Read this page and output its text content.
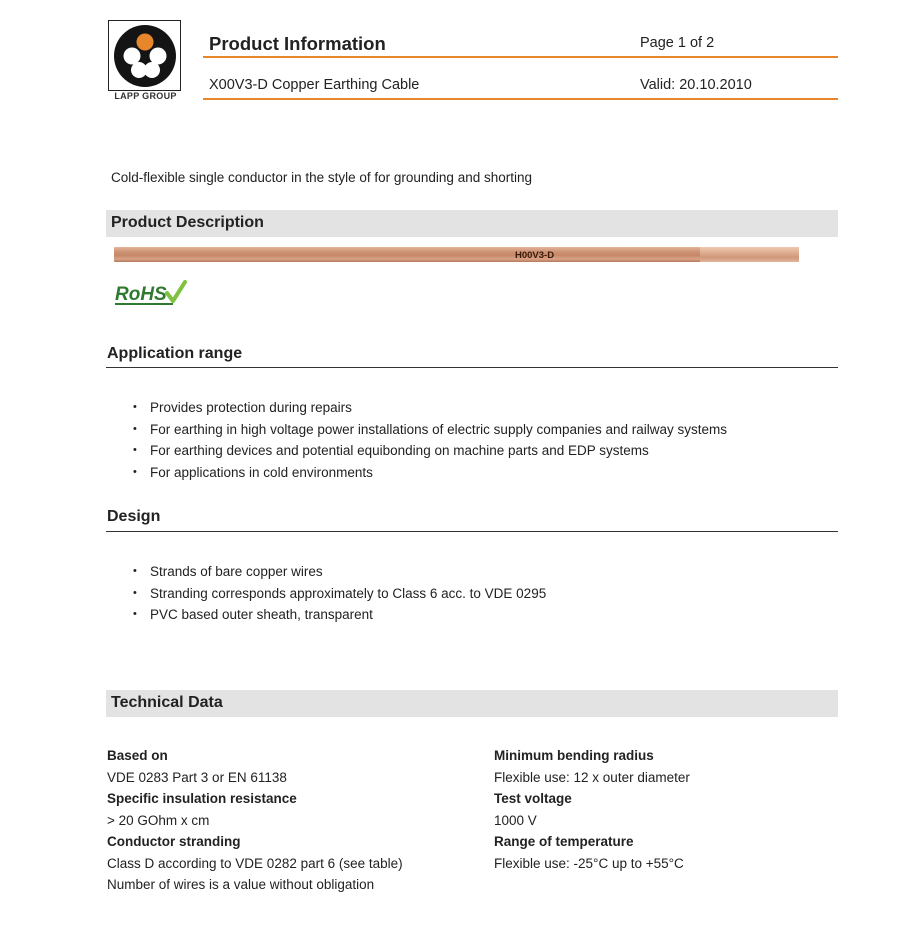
LAPP GROUP
Product Information	Page 1 of 2
X00V3-D Copper Earthing Cable	Valid: 20.10.2010
Cold-flexible single conductor in the style of for grounding and shorting
Product Description
H00V3-D
RoHS
Application range
• Provides protection during repairs
• For earthing in high voltage power installations of electric supply companies and railway systems
• For earthing devices and potential equibonding on machine parts and EDP systems
• For applications in cold environments
Design
• Strands of bare copper wires
• Stranding corresponds approximately to Class 6 acc. to VDE 0295
• PVC based outer sheath, transparent
Technical Data
Based on
VDE 0283 Part 3 or EN 61138
Specific insulation resistance
> 20 GOhm x cm
Conductor stranding
Class D according to VDE 0282 part 6 (see table)
Number of wires is a value without obligation
Minimum bending radius
Flexible use: 12 x outer diameter
Test voltage
1000 V
Range of temperature
Flexible use: -25°C up to +55°C
